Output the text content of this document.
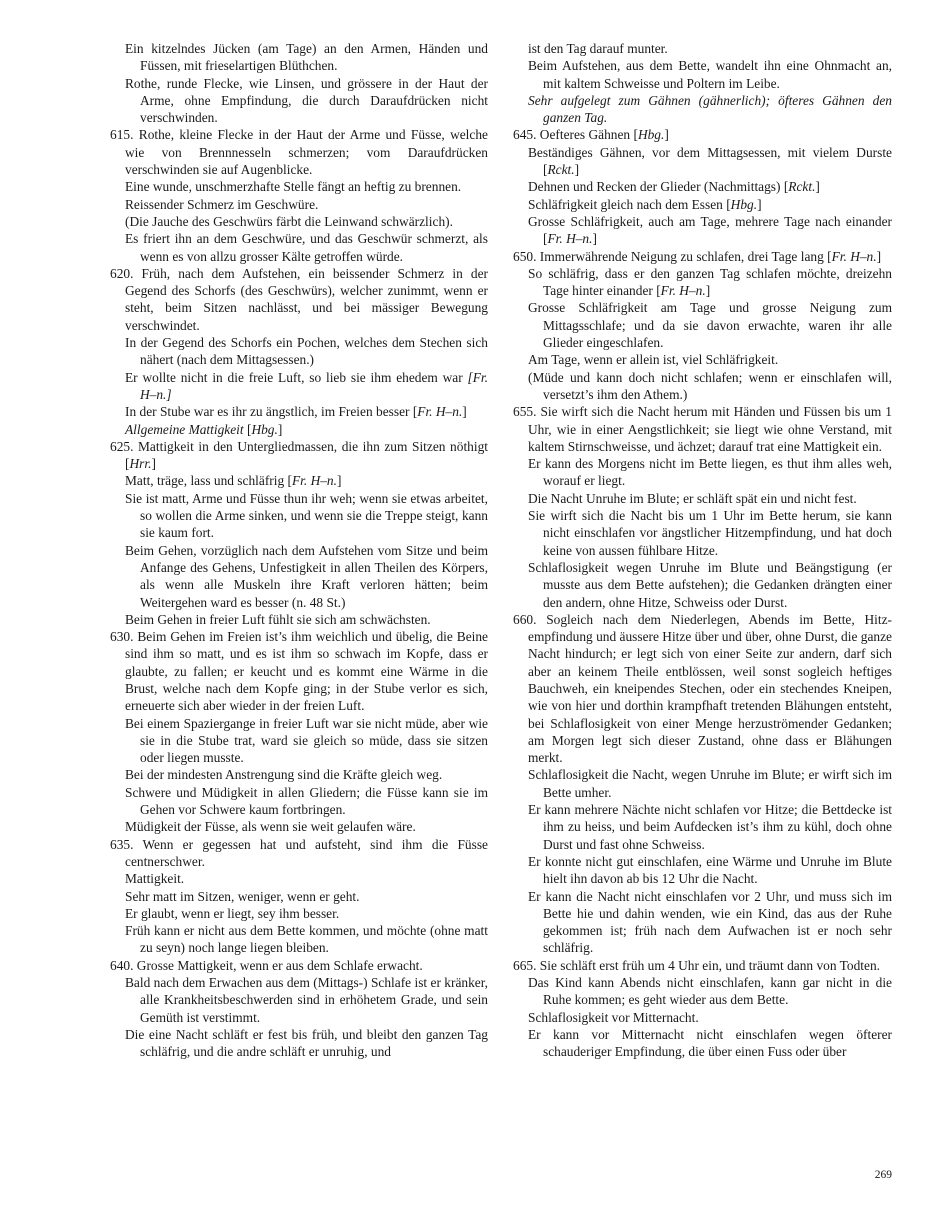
Ein kitzelndes Jücken (am Tage) an den Armen, Händen und Füssen, mit frieselartigen Blüthchen.

Rothe, runde Flecke, wie Linsen, und grössere in der Haut der Arme, ohne Empfindung, die durch Daraufdrücken nicht verschwinden.

615. Rothe, kleine Flecke in der Haut der Arme und Füsse, welche wie von Brennnesseln schmerzen; vom Daraufdrücken verschwinden sie auf Augenblicke.

Eine wunde, unschmerzhafte Stelle fängt an heftig zu brennen.

Reissender Schmerz im Geschwüre.

(Die Jauche des Geschwürs färbt die Leinwand schwärzlich).

Es friert ihn an dem Geschwüre, und das Geschwür schmerzt, als wenn es von allzu grosser Kälte getroffen würde.

620. Früh, nach dem Aufstehen, ein beissender Schmerz in der Gegend des Schorfs (des Geschwürs), welcher zunimmt, wenn er steht, beim Sitzen nachlässt, und bei mässiger Bewegung verschwindet.

In der Gegend des Schorfs ein Pochen, welches dem Stechen sich nähert (nach dem Mittagsessen.)

Er wollte nicht in die freie Luft, so lieb sie ihm ehedem war [Fr. H–n.]

In der Stube war es ihr zu ängstlich, im Freien besser [Fr. H–n.]

Allgemeine Mattigkeit [Hbg.]

625. Mattigkeit in den Untergliedmassen, die ihn zum Sitzen nöthigt [Hrr.]

Matt, träge, lass und schläfrig [Fr. H–n.]

Sie ist matt, Arme und Füsse thun ihr weh; wenn sie etwas arbeitet, so wollen die Arme sinken, und wenn sie die Treppe steigt, kann sie kaum fort.

Beim Gehen, vorzüglich nach dem Aufstehen vom Sitze und beim Anfange des Gehens, Unfestigkeit in allen Theilen des Körpers, als wenn alle Muskeln ihre Kraft verloren hätten; beim Weitergehen ward es besser (n. 48 St.)

Beim Gehen in freier Luft fühlt sie sich am schwächsten.

630. Beim Gehen im Freien ist’s ihm weichlich und übelig, die Beine sind ihm so matt, und es ist ihm so schwach im Kopfe, dass er glaubte, zu fallen; er keucht und es kommt eine Wärme in die Brust, welche nach dem Kopfe ging; in der Stube verlor es sich, erneuerte sich aber wieder in der freien Luft.

Bei einem Spaziergange in freier Luft war sie nicht müde, aber wie sie in die Stube trat, ward sie gleich so müde, dass sie sitzen oder liegen musste.

Bei der mindesten Anstrengung sind die Kräfte gleich weg.

Schwere und Müdigkeit in allen Gliedern; die Füsse kann sie im Gehen vor Schwere kaum fortbringen.

Müdigkeit der Füsse, als wenn sie weit gelaufen wäre.

635. Wenn er gegessen hat und aufsteht, sind ihm die Füsse centnerschwer.

Mattigkeit.

Sehr matt im Sitzen, weniger, wenn er geht.

Er glaubt, wenn er liegt, sey ihm besser.

Früh kann er nicht aus dem Bette kommen, und möchte (ohne matt zu seyn) noch lange liegen bleiben.

640. Grosse Mattigkeit, wenn er aus dem Schlafe erwacht.

Bald nach dem Erwachen aus dem (Mittags-) Schlafe ist er kränker, alle Krankheitsbeschwerden sind in erhöhetem Grade, und sein Gemüth ist verstimmt.

Die eine Nacht schläft er fest bis früh, und bleibt den ganzen Tag schläfrig, und die andre schläft er unruhig, und

ist den Tag darauf munter.

Beim Aufstehen, aus dem Bette, wandelt ihn eine Ohnmacht an, mit kaltem Schweisse und Poltern im Leibe.

Sehr aufgelegt zum Gähnen (gähnerlich); öfteres Gähnen den ganzen Tag.

645. Oefteres Gähnen [Hbg.]

Beständiges Gähnen, vor dem Mittagsessen, mit vielem Durste [Rckt.]

Dehnen und Recken der Glieder (Nachmittags) [Rckt.]

Schläfrigkeit gleich nach dem Essen [Hbg.]

Grosse Schläfrigkeit, auch am Tage, mehrere Tage nach einander [Fr. H–n.]

650. Immerwährende Neigung zu schlafen, drei Tage lang [Fr. H–n.]

So schläfrig, dass er den ganzen Tag schlafen möchte, dreizehn Tage hinter einander [Fr. H–n.]

Grosse Schläfrigkeit am Tage und grosse Neigung zum Mittagsschlafe; und da sie davon erwachte, waren ihr alle Glieder eingeschlafen.

Am Tage, wenn er allein ist, viel Schläfrigkeit.

(Müde und kann doch nicht schlafen; wenn er einschlafen will, versetzt’s ihm den Athem.)

655. Sie wirft sich die Nacht herum mit Händen und Füssen bis um 1 Uhr, wie in einer Aengstlichkeit; sie liegt wie ohne Verstand, mit kaltem Stirnschweisse, und ächzet; darauf trat eine Mattigkeit ein.

Er kann des Morgens nicht im Bette liegen, es thut ihm alles weh, worauf er liegt.

Die Nacht Unruhe im Blute; er schläft spät ein und nicht fest.

Sie wirft sich die Nacht bis um 1 Uhr im Bette herum, sie kann nicht einschlafen vor ängstlicher Hitzempfindung, und hat doch keine von aussen fühlbare Hitze.

Schlaflosigkeit wegen Unruhe im Blute und Beängstigung (er musste aus dem Bette aufstehen); die Gedanken drängten einer den andern, ohne Hitze, Schweiss oder Durst.

660. Sogleich nach dem Niederlegen, Abends im Bette, Hitzempfindung und äussere Hitze über und über, ohne Durst, die ganze Nacht hindurch; er legt sich von einer Seite zur andern, darf sich aber an keinem Theile entblössen, weil sonst sogleich heftiges Bauchweh, ein kneipendes Stechen, oder ein stechendes Kneipen, wie von hier und dorthin krampfhaft tretenden Blähungen entsteht, bei Schlaflosigkeit von einer Menge herzuströmender Gedanken; am Morgen legt sich dieser Zustand, ohne dass er Blähungen merkt.

Schlaflosigkeit die Nacht, wegen Unruhe im Blute; er wirft sich im Bette umher.

Er kann mehrere Nächte nicht schlafen vor Hitze; die Bettdecke ist ihm zu heiss, und beim Aufdecken ist’s ihm zu kühl, doch ohne Durst und fast ohne Schweiss.

Er konnte nicht gut einschlafen, eine Wärme und Unruhe im Blute hielt ihn davon ab bis 12 Uhr die Nacht.

Er kann die Nacht nicht einschlafen vor 2 Uhr, und muss sich im Bette hie und dahin wenden, wie ein Kind, das aus der Ruhe gekommen ist; früh nach dem Aufwachen ist er noch sehr schläfrig.

665. Sie schläft erst früh um 4 Uhr ein, und träumt dann von Todten.

Das Kind kann Abends nicht einschlafen, kann gar nicht in die Ruhe kommen; es geht wieder aus dem Bette.

Schlaflosigkeit vor Mitternacht.

Er kann vor Mitternacht nicht einschlafen wegen öfterer schauderiger Empfindung, die über einen Fuss oder über

269
